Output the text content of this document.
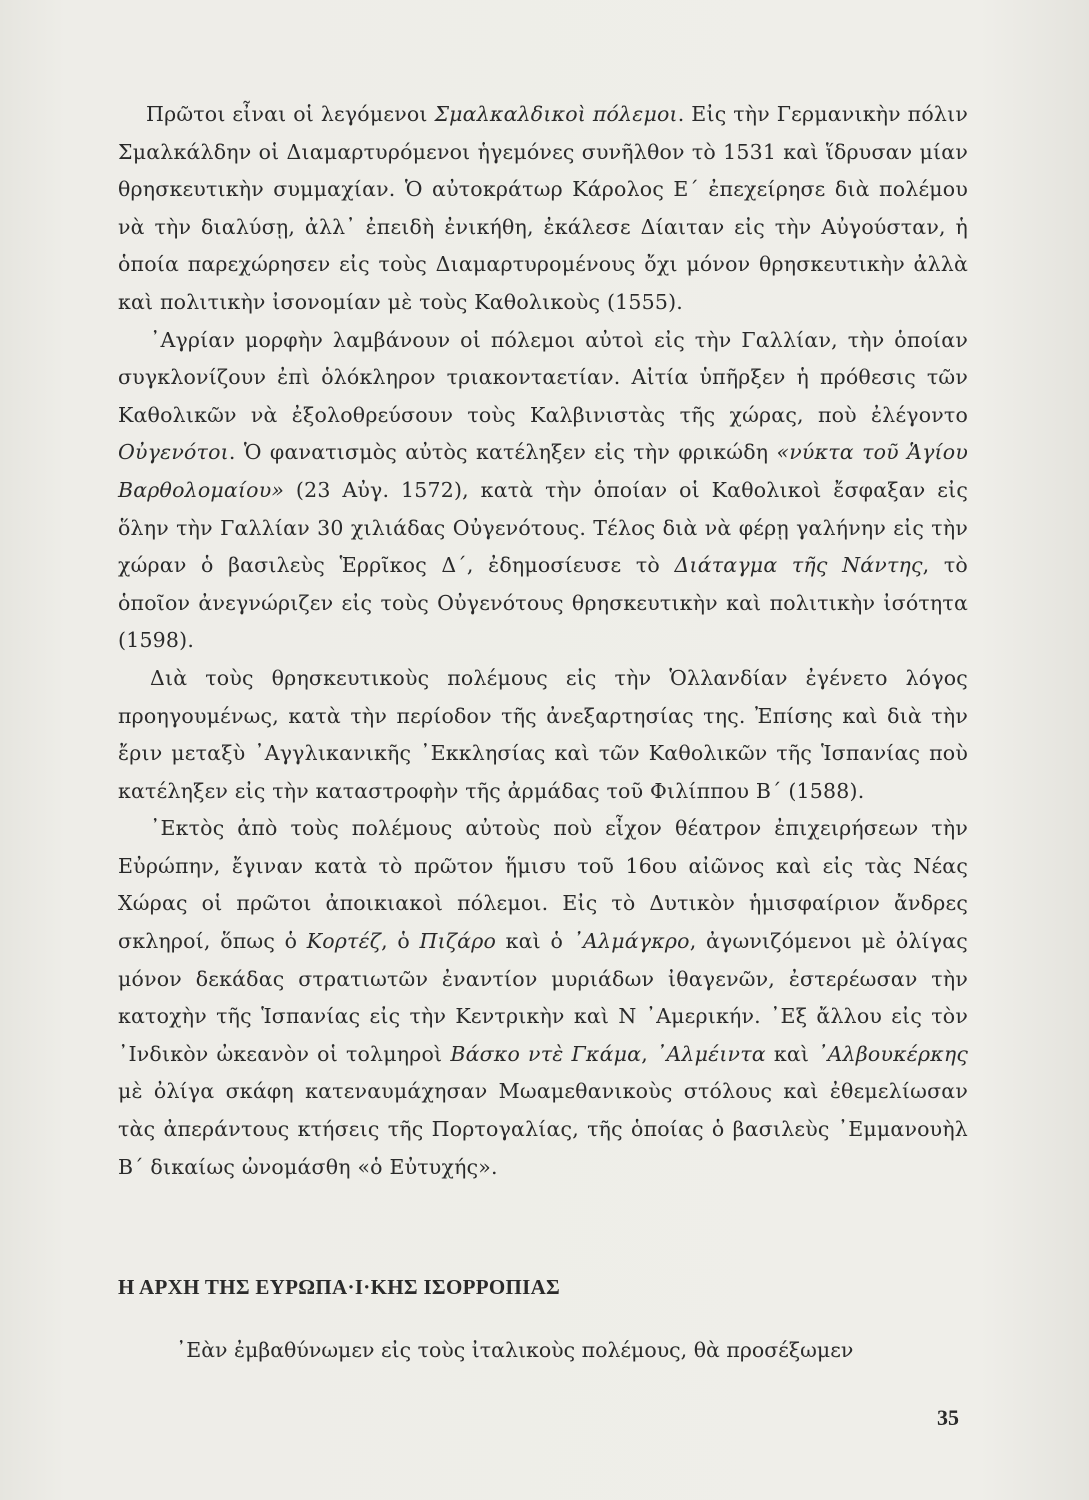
Πρῶτοι εἶναι οἱ λεγόμενοι Σμαλκαλδικοὶ πόλεμοι. Εἰς τὴν Γερμανικὴν πόλιν Σμαλκάλδην οἱ Διαμαρτυρόμενοι ἡγεμόνες συνῆλθον τὸ 1531 καὶ ἵδρυσαν μίαν θρησκευτικὴν συμμαχίαν. Ὁ αὐτοκράτωρ Κάρολος Ε΄ ἐπεχείρησε διὰ πολέμου νὰ τὴν διαλύσῃ, ἀλλ᾽ ἐπειδὴ ἐνικήθη, ἐκάλεσε Δίαιταν εἰς τὴν Αὐγούσταν, ἡ ὁποία παρεχώρησεν εἰς τοὺς Διαμαρτυρομένους ὄχι μόνον θρησκευτικὴν ἀλλὰ καὶ πολιτικὴν ἰσονομίαν μὲ τοὺς Καθολικοὺς (1555).

᾽Αγρίαν μορφὴν λαμβάνουν οἱ πόλεμοι αὐτοὶ εἰς τὴν Γαλλίαν, τὴν ὁποίαν συγκλονίζουν ἐπὶ ὁλόκληρον τριακονταετίαν. Αἰτία ὑπῆρξεν ἡ πρόθεσις τῶν Καθολικῶν νὰ ἐξολοθρεύσουν τοὺς Καλβινιστὰς τῆς χώρας, ποὺ ἐλέγοντο Οὐγενότοι. Ὁ φανατισμὸς αὐτὸς κατέληξεν εἰς τὴν φρικώδη «νύκτα τοῦ Ἁγίου Βαρθολομαίου» (23 Αὐγ. 1572), κατὰ τὴν ὁποίαν οἱ Καθολικοὶ ἔσφαξαν εἰς ὅλην τὴν Γαλλίαν 30 χιλιάδας Οὐγενότους. Τέλος διὰ νὰ φέρῃ γαλήνην εἰς τὴν χώραν ὁ βασιλεὺς Ἑρρῖκος Δ΄, ἐδημοσίευσε τὸ Διάταγμα τῆς Νάντης, τὸ ὁποῖον ἀνεγνώριζεν εἰς τοὺς Οὐγενότους θρησκευτικὴν καὶ πολιτικὴν ἰσότητα (1598).

Διὰ τοὺς θρησκευτικοὺς πολέμους εἰς τὴν Ὁλλανδίαν ἐγένετο λόγος προηγουμένως, κατὰ τὴν περίοδον τῆς ἀνεξαρτησίας της. Ἐπίσης καὶ διὰ τὴν ἔριν μεταξὺ ᾽Αγγλικανικῆς ᾽Εκκλησίας καὶ τῶν Καθολικῶν τῆς Ἱσπανίας ποὺ κατέληξεν εἰς τὴν καταστροφὴν τῆς ἀρμάδας τοῦ Φιλίππου Β΄ (1588).

᾽Εκτὸς ἀπὸ τοὺς πολέμους αὐτοὺς ποὺ εἶχον θέατρον ἐπιχειρήσεων τὴν Εὐρώπην, ἔγιναν κατὰ τὸ πρῶτον ἥμισυ τοῦ 16ου αἰῶνος καὶ εἰς τὰς Νέας Χώρας οἱ πρῶτοι ἀποικιακοὶ πόλεμοι. Εἰς τὸ Δυτικὸν ἡμισφαίριον ἄνδρες σκληροί, ὅπως ὁ Κορτέζ, ὁ Πιζάρο καὶ ὁ ᾽Αλμάγκρο, ἀγωνιζόμενοι μὲ ὀλίγας μόνον δεκάδας στρατιωτῶν ἐναντίον μυριάδων ἰθαγενῶν, ἐστερέωσαν τὴν κατοχὴν τῆς Ἱσπανίας εἰς τὴν Κεντρικὴν καὶ Ν ᾽Αμερικήν. ᾽Εξ ἄλλου εἰς τὸν ᾽Ινδικὸν ὠκεανὸν οἱ τολμηροὶ Βάσκο ντὲ Γκάμα, ᾽Αλμέιντα καὶ ᾽Αλβουκέρκης μὲ ὀλίγα σκάφη κατεναυμάχησαν Μωαμεθανικοὺς στόλους καὶ ἐθεμελίωσαν τὰς ἀπεράντους κτήσεις τῆς Πορτογαλίας, τῆς ὁποίας ὁ βασιλεὺς ᾽Εμμανουὴλ Β΄ δικαίως ὠνομάσθη «ὁ Εὐτυχής».

Η ΑΡΧΗ ΤΗΣ ΕΥΡΩΠΑ·Ι·ΚΗΣ ΙΣΟΡΡΟΠΙΑΣ

᾽Εὰν ἐμβαθύνωμεν εἰς τοὺς ἰταλικοὺς πολέμους, θὰ προσέξωμεν

35
